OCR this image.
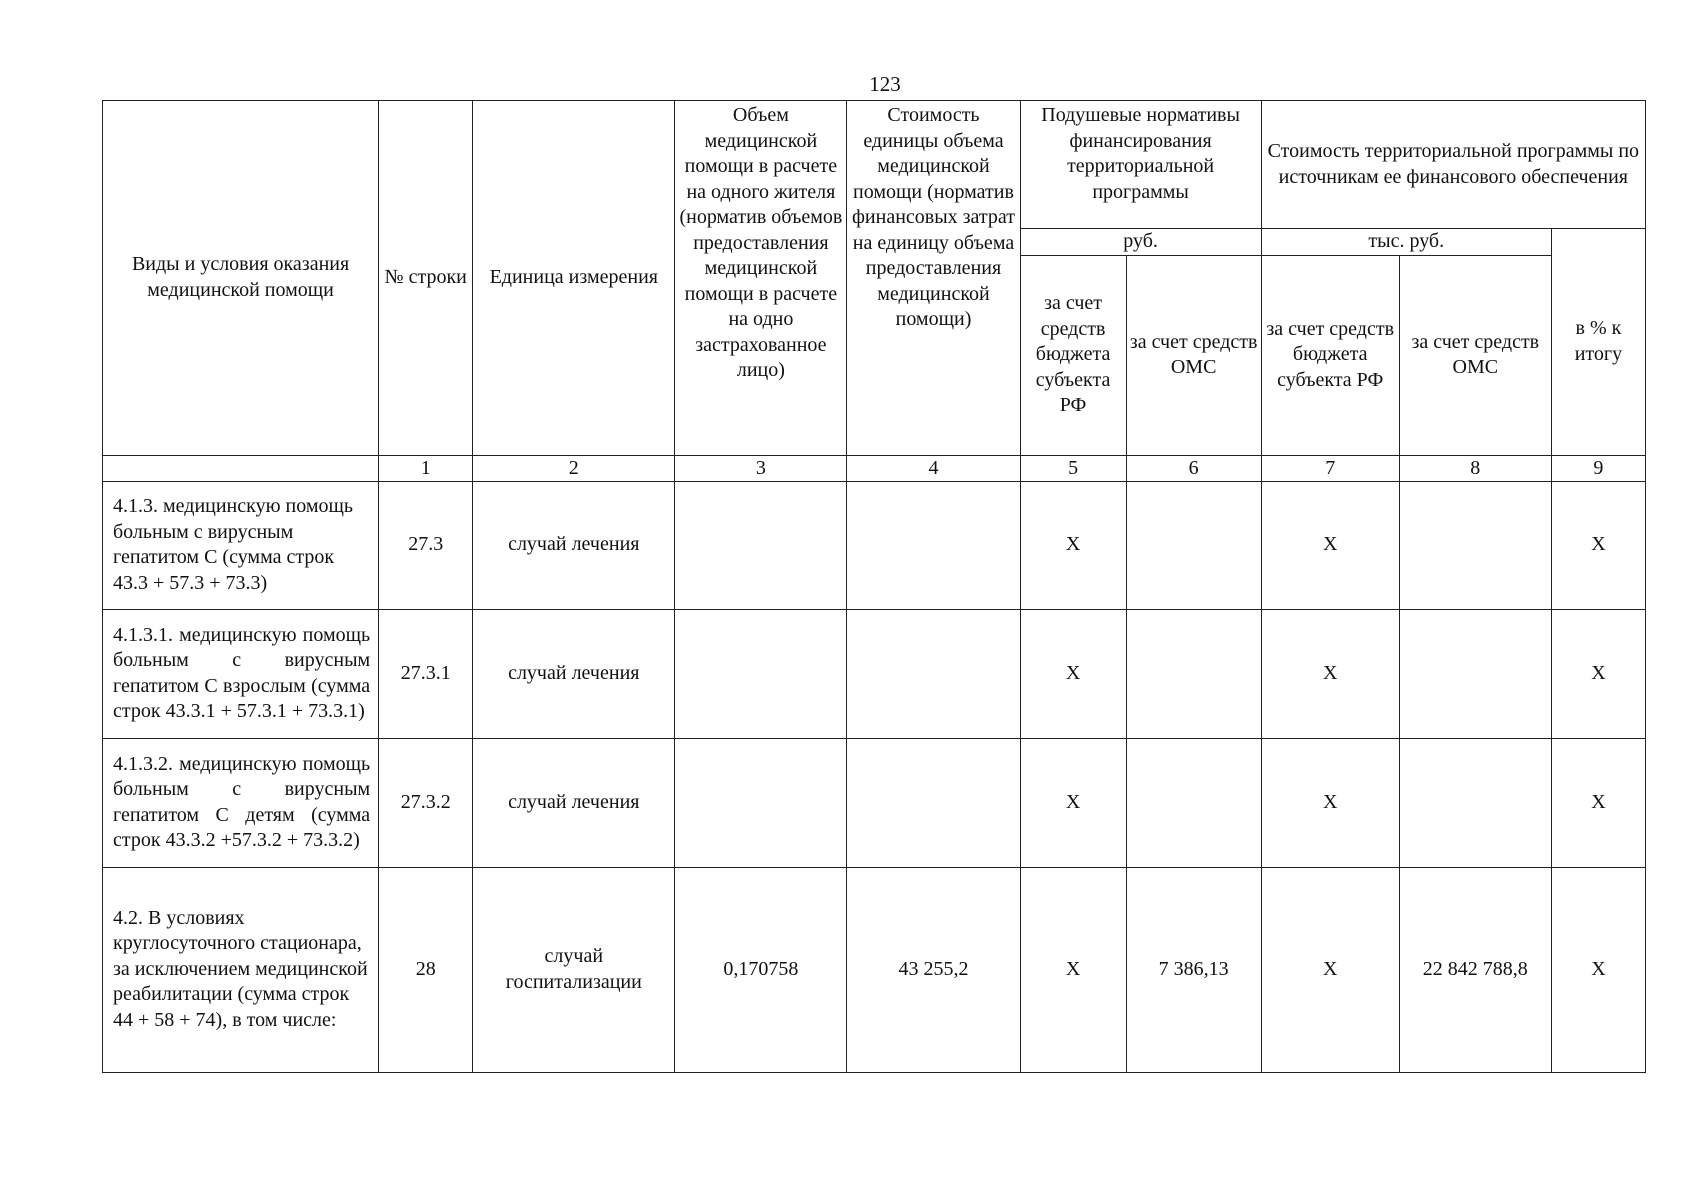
123
Виды и условия оказания медицинской помощи	№ строки	Единица измерения	Объем медицинской помощи в расчете на одного жителя (норматив объемов предоставления медицинской помощи в расчете на одно застрахованное лицо)	Стоимость единицы объема медицинской помощи (норматив финансовых затрат на единицу объема предоставления медицинской помощи)	Подушевые нормативы финансирования территориальной программы		Стоимость территориальной программы по источникам ее финансового обеспечения		
					руб.		тыс. руб.		в % к итогу
					за счет средств бюджета субъекта РФ	за счет средств ОМС	за счет средств бюджета субъекта РФ	за счет средств ОМС	
	1	2	3	4	5	6	7	8	9
4.1.3. медицинскую помощь больным с вирусным гепатитом С (сумма строк 43.3 + 57.3 + 73.3)	27.3	случай лечения			Х		Х		Х
4.1.3.1. медицинскую помощь больным с вирусным гепатитом С взрослым (сумма строк 43.3.1 + 57.3.1 + 73.3.1)	27.3.1	случай лечения			Х		Х		Х
4.1.3.2. медицинскую помощь больным с вирусным гепатитом С детям (сумма строк 43.3.2 +57.3.2 + 73.3.2)	27.3.2	случай лечения			Х		Х		Х
4.2. В условиях круглосуточного стационара, за исключением медицинской реабилитации (сумма строк 44 + 58 + 74), в том числе:	28	случай госпитализации	0,170758	43 255,2	Х	7 386,13	Х	22 842 788,8	Х
